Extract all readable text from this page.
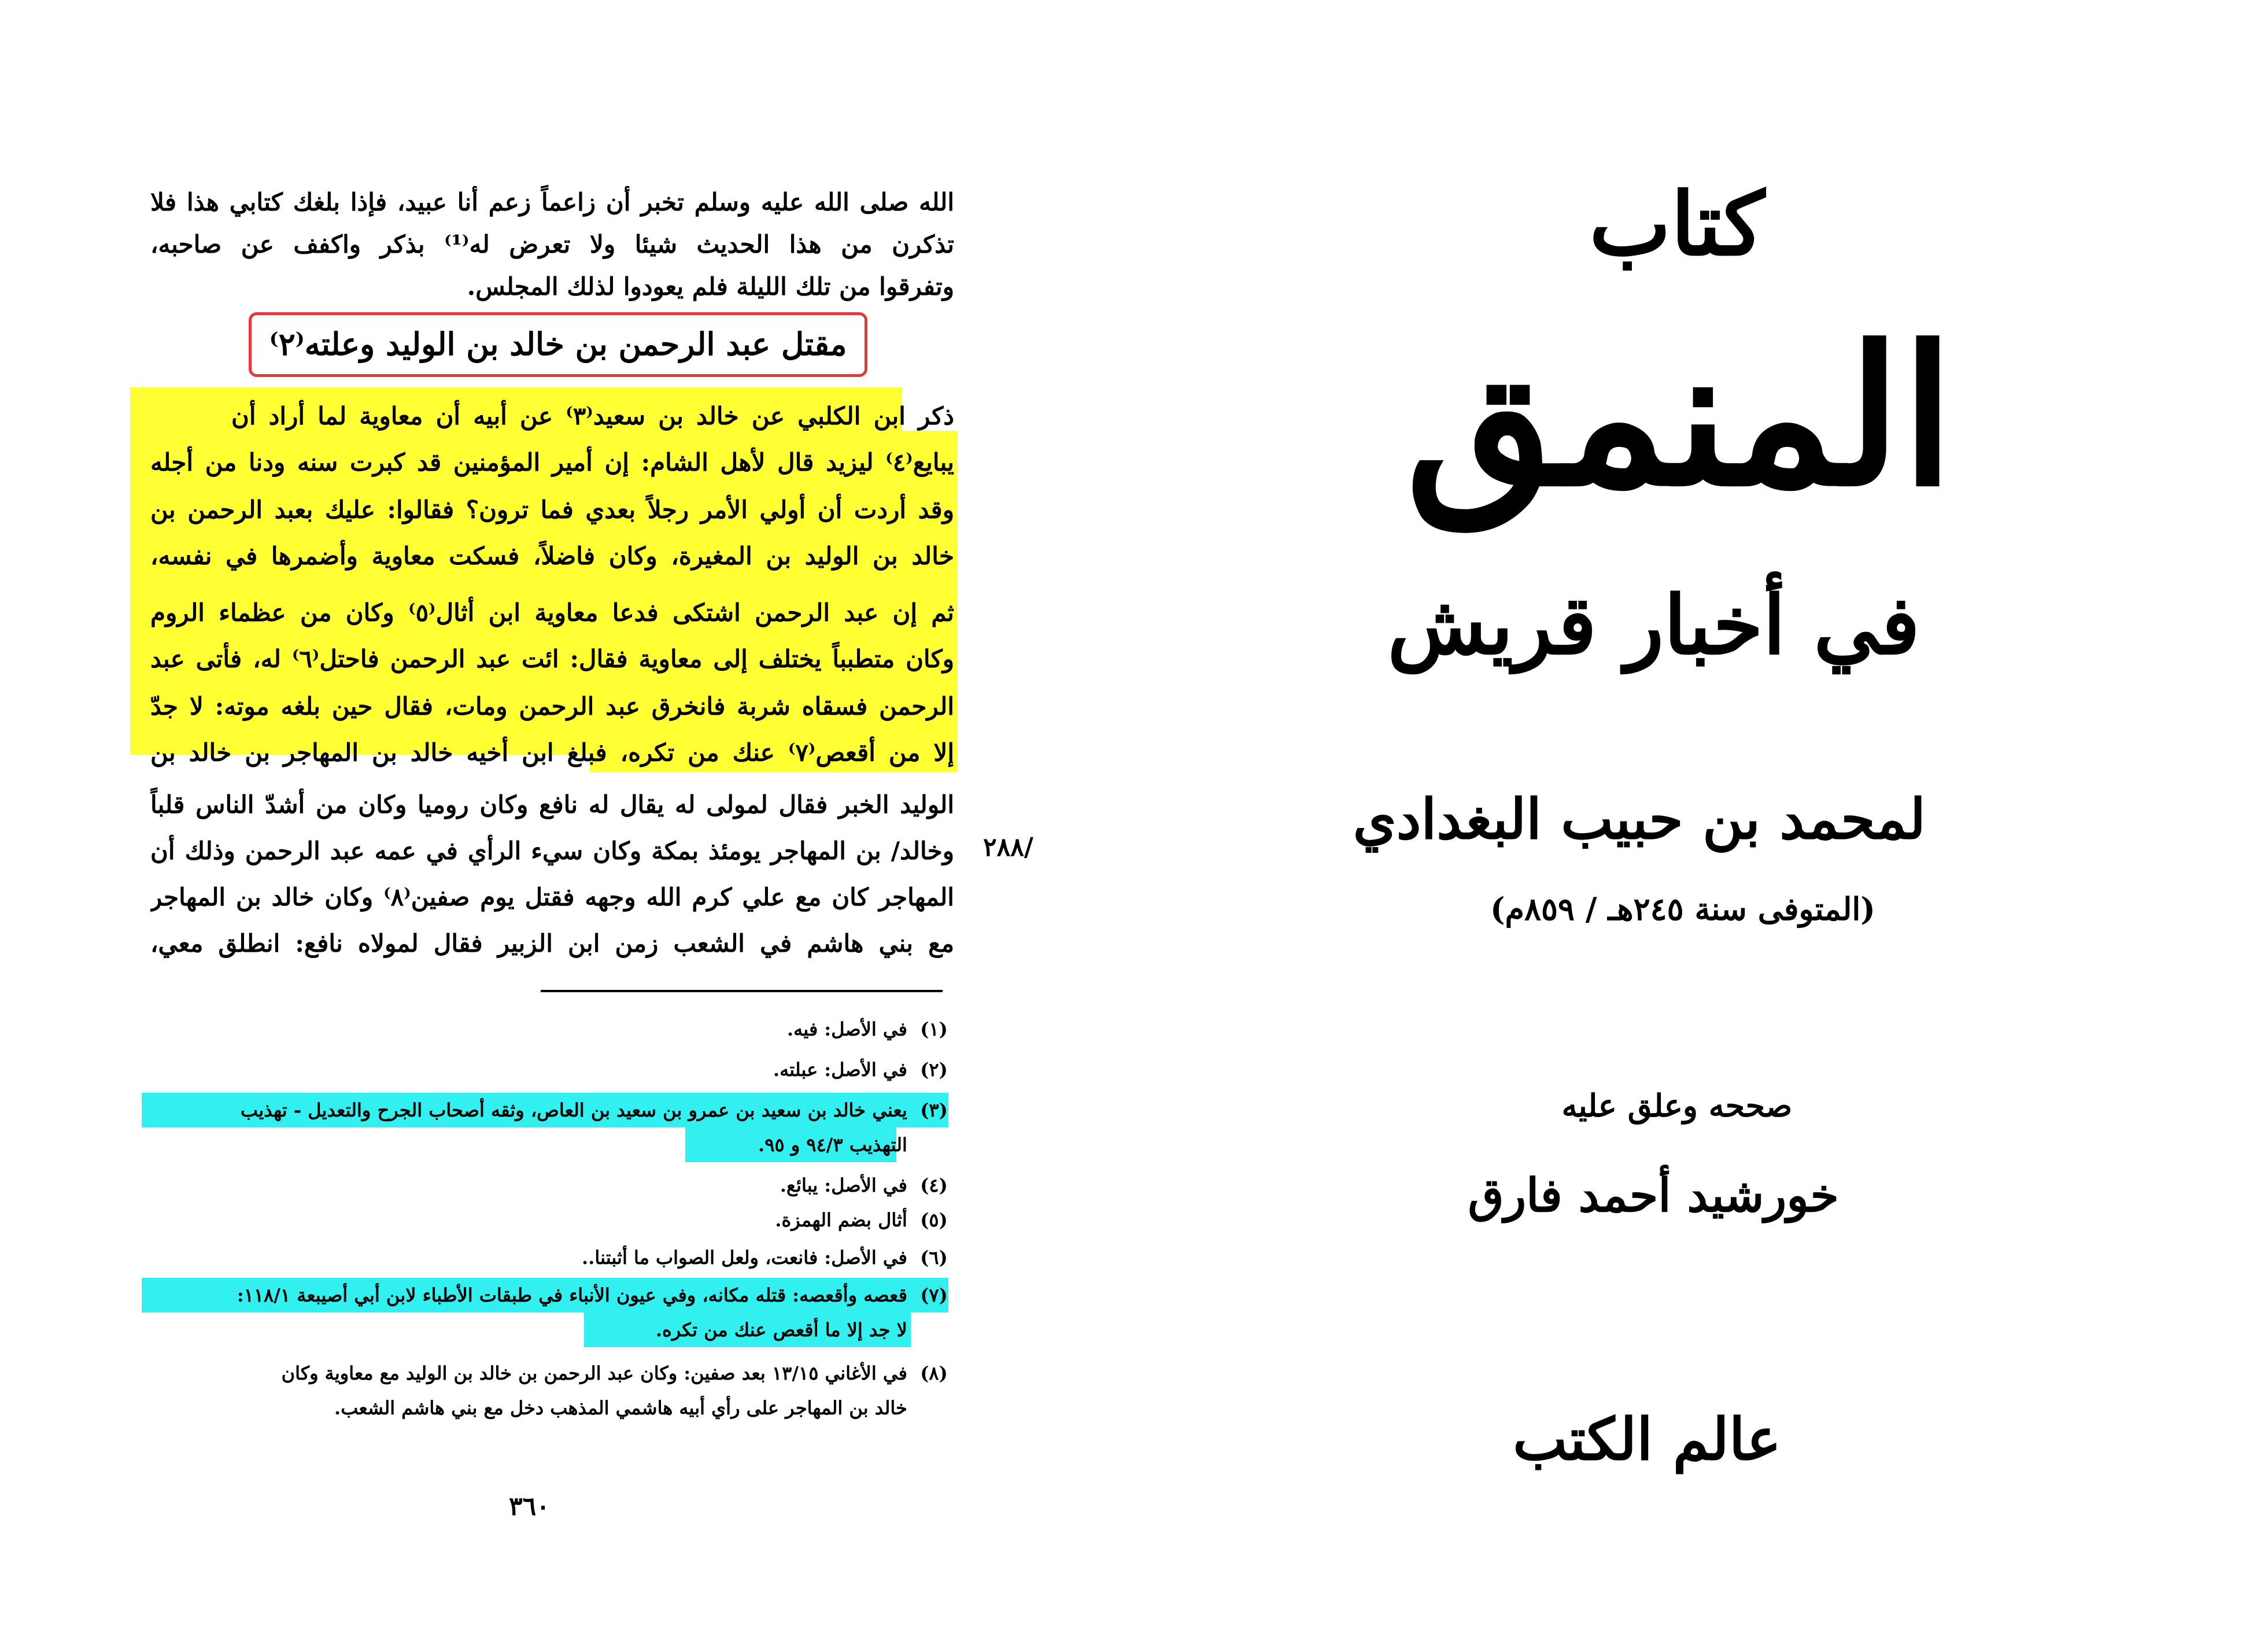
الله صلى الله عليه وسلم تخبر أن زاعماً زعم أنا عبيد، فإذا بلغك كتابي هذا فلا
تذكرن من هذا الحديث شيئا ولا تعرض له⁽¹⁾ بذكر واكفف عن صاحبه،
وتفرقوا من تلك الليلة فلم يعودوا لذلك المجلس.
مقتل عبد الرحمن بن خالد بن الوليد وعلته⁽٢⁾
ذكر ابن الكلبي عن خالد بن سعيد⁽٣⁾ عن أبيه أن معاوية لما أراد أن
يبايع⁽٤⁾ ليزيد قال لأهل الشام: إن أمير المؤمنين قد كبرت سنه ودنا من أجله
وقد أردت أن أولي الأمر رجلاً بعدي فما ترون؟ فقالوا: عليك بعبد الرحمن بن
خالد بن الوليد بن المغيرة، وكان فاضلاً، فسكت معاوية وأضمرها في نفسه،
ثم إن عبد الرحمن اشتكى فدعا معاوية ابن أثال⁽٥⁾ وكان من عظماء الروم
وكان متطبباً يختلف إلى معاوية فقال: ائت عبد الرحمن فاحتل⁽٦⁾ له، فأتى عبد
الرحمن فسقاه شربة فانخرق عبد الرحمن ومات، فقال حين بلغه موته: لا جدّ
إلا من أقعص⁽٧⁾ عنك من تكره، فبلغ ابن أخيه خالد بن المهاجر بن خالد بن
الوليد الخبر فقال لمولى له يقال له نافع وكان روميا وكان من أشدّ الناس قلباً
وخالد/ بن المهاجر يومئذ بمكة وكان سيء الرأي في عمه عبد الرحمن وذلك أن
المهاجر كان مع علي كرم الله وجهه فقتل يوم صفين⁽٨⁾ وكان خالد بن المهاجر
مع بني هاشم في الشعب زمن ابن الزبير فقال لمولاه نافع: انطلق معي،
/٢٨٨
(١) في الأصل: فيه.
(٢) في الأصل: عبلته.
(٣) يعني خالد بن سعيد بن عمرو بن سعيد بن العاص، وثقه أصحاب الجرح والتعديل - تهذيب
التهذيب ٩٤/٣ و ٩٥.
(٤) في الأصل: يبائع.
(٥) أثال بضم الهمزة.
(٦) في الأصل: فانعت، ولعل الصواب ما أثبتنا..
(٧) قعصه وأقعصه: قتله مكانه، وفي عيون الأنباء في طبقات الأطباء لابن أبي أصيبعة ١١٨/١:
لا جد إلا ما أقعص عنك من تكره.
(٨) في الأغاني ١٣/١٥ بعد صفين: وكان عبد الرحمن بن خالد بن الوليد مع معاوية وكان
خالد بن المهاجر على رأي أبيه هاشمي المذهب دخل مع بني هاشم الشعب.
٣٦٠
كتاب
المنمق
في أخبار قريش
لمحمد بن حبيب البغدادي
(المتوفى سنة ٢٤٥هـ / ٨٥٩م)
صححه وعلق عليه
خورشيد أحمد فارق
عالم الكتب
